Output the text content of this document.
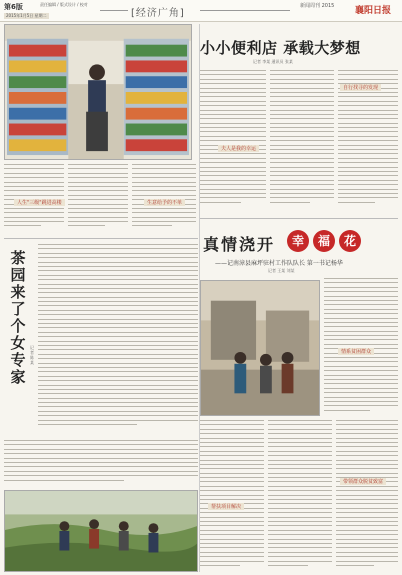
第6版	责任编辑 / 版式设计 / 校对
2015年1月5日 星期二	[经济广角]
新闻周刊 2015 襄阳日报
小小便利店 承载大梦想
记者 李某 通讯员 张某
人生"三级"跳进高楼	生意给予的不单
夫人是我的幸运
自行找寻的发现
茶
园
来
了
个
女
专
家
记者 陈某
真情浇开	幸	福	花
——记南漳县麻坪驻村工作队队长 第一书记杨华
记者 王某 刘某
情系贫困群众
帮扶项目解决
带领群众脱贫致富
